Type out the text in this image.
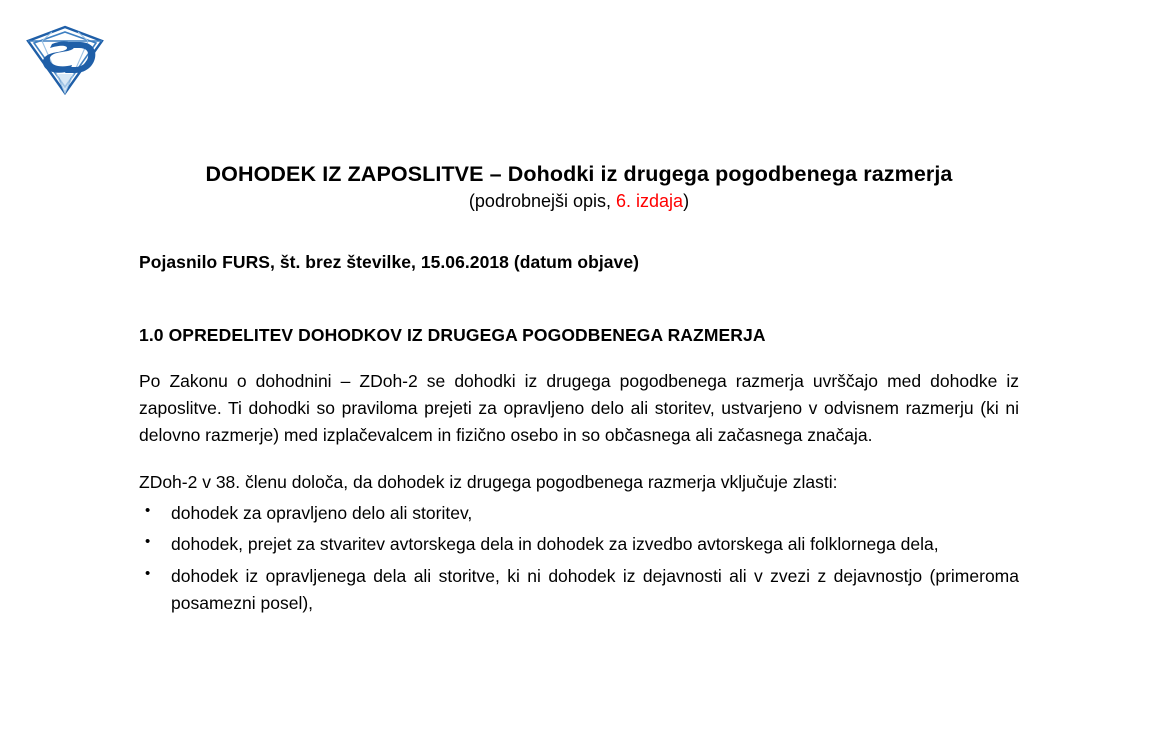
DOHODEK IZ ZAPOSLITVE – Dohodki iz drugega pogodbenega razmerja
(podrobnejši opis, 6. izdaja)
Pojasnilo FURS, št. brez številke, 15.06.2018 (datum objave)
1.0 OPREDELITEV DOHODKOV IZ DRUGEGA POGODBENEGA RAZMERJA

Po Zakonu o dohodnini – ZDoh-2 se dohodki iz drugega pogodbenega razmerja uvrščajo med dohodke iz zaposlitve. Ti dohodki so praviloma prejeti za opravljeno delo ali storitev, ustvarjeno v odvisnem razmerju (ki ni delovno razmerje) med izplačevalcem in fizično osebo in so občasnega ali začasnega značaja.

ZDoh-2 v 38. členu določa, da dohodek iz drugega pogodbenega razmerja vključuje zlasti:

• dohodek za opravljeno delo ali storitev,
• dohodek, prejet za stvaritev avtorskega dela in dohodek za izvedbo avtorskega ali folklornega dela,
• dohodek iz opravljenega dela ali storitve, ki ni dohodek iz dejavnosti ali v zvezi z dejavnostjo (primeroma posamezni posel),
